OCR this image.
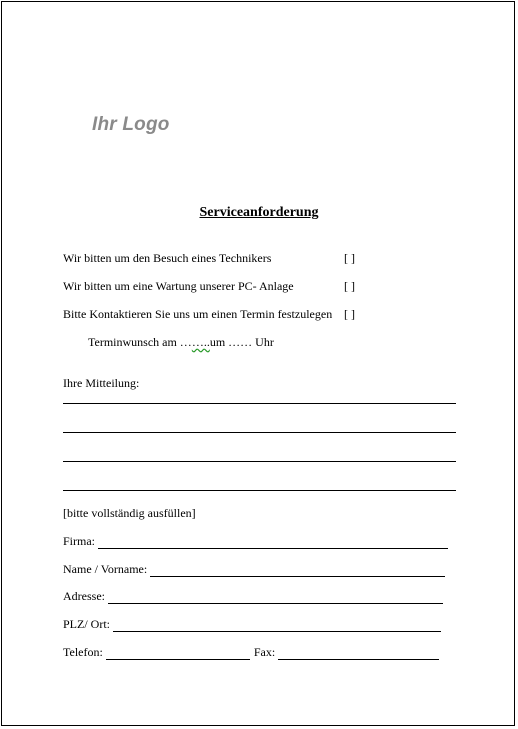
Ihr Logo
Serviceanforderung
Wir bitten um den Besuch eines Technikers	[ ]
Wir bitten um eine Wartung unserer PC- Anlage	[ ]
Bitte Kontaktieren Sie uns um einen Termin festzulegen [ ]
Terminwunsch am ……..um …… Uhr
Ihre Mitteilung:
[bitte vollständig ausfüllen]
Firma:
Name / Vorname:
Adresse:
PLZ/ Ort:
Telefon:	Fax:
